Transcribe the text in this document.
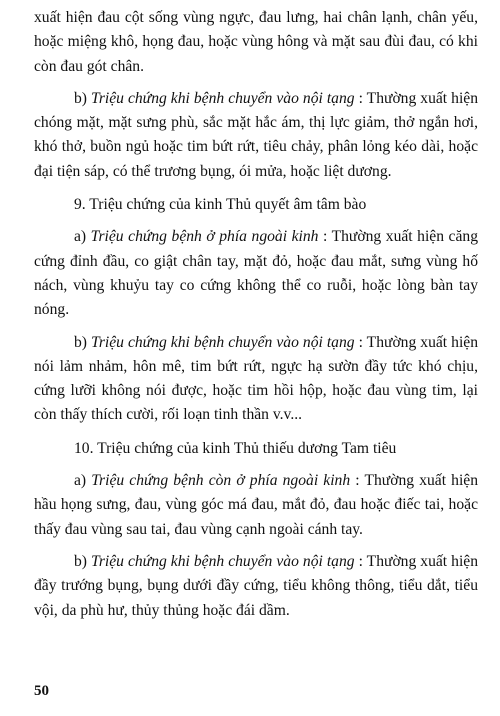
xuất hiện đau cột sống vùng ngực, đau lưng, hai chân lạnh, chân yếu, hoặc miệng khô, họng đau, hoặc vùng hông và mặt sau đùi đau, có khi còn đau gót chân.

b) Triệu chứng khi bệnh chuyển vào nội tạng : Thường xuất hiện chóng mặt, mặt sưng phù, sắc mặt hắc ám, thị lực giảm, thở ngắn hơi, khó thở, buồn ngủ hoặc tim bứt rứt, tiêu chảy, phân lỏng kéo dài, hoặc đại tiện sáp, có thể trương bụng, ói mửa, hoặc liệt dương.

9. Triệu chứng của kinh Thủ quyết âm tâm bào

a) Triệu chứng bệnh ở phía ngoài kinh : Thường xuất hiện căng cứng đỉnh đầu, co giật chân tay, mặt đỏ, hoặc đau mắt, sưng vùng hố nách, vùng khuỷu tay co cứng không thể co ruỗi, hoặc lòng bàn tay nóng.

b) Triệu chứng khi bệnh chuyển vào nội tạng : Thường xuất hiện nói lảm nhảm, hôn mê, tim bứt rứt, ngực hạ sườn đầy tức khó chịu, cứng lưỡi không nói được, hoặc tim hồi hộp, hoặc đau vùng tim, lại còn thấy thích cười, rối loạn tinh thần v.v...

10. Triệu chứng của kinh Thủ thiếu dương Tam tiêu

a) Triệu chứng bệnh còn ở phía ngoài kinh : Thường xuất hiện hầu họng sưng, đau, vùng góc má đau, mắt đỏ, đau hoặc điếc tai, hoặc thấy đau vùng sau tai, đau vùng cạnh ngoài cánh tay.

b) Triệu chứng khi bệnh chuyển vào nội tạng : Thường xuất hiện đầy trướng bụng, bụng dưới đầy cứng, tiểu không thông, tiểu dắt, tiểu vội, da phù hư, thủy thủng hoặc đái dầm.

50
